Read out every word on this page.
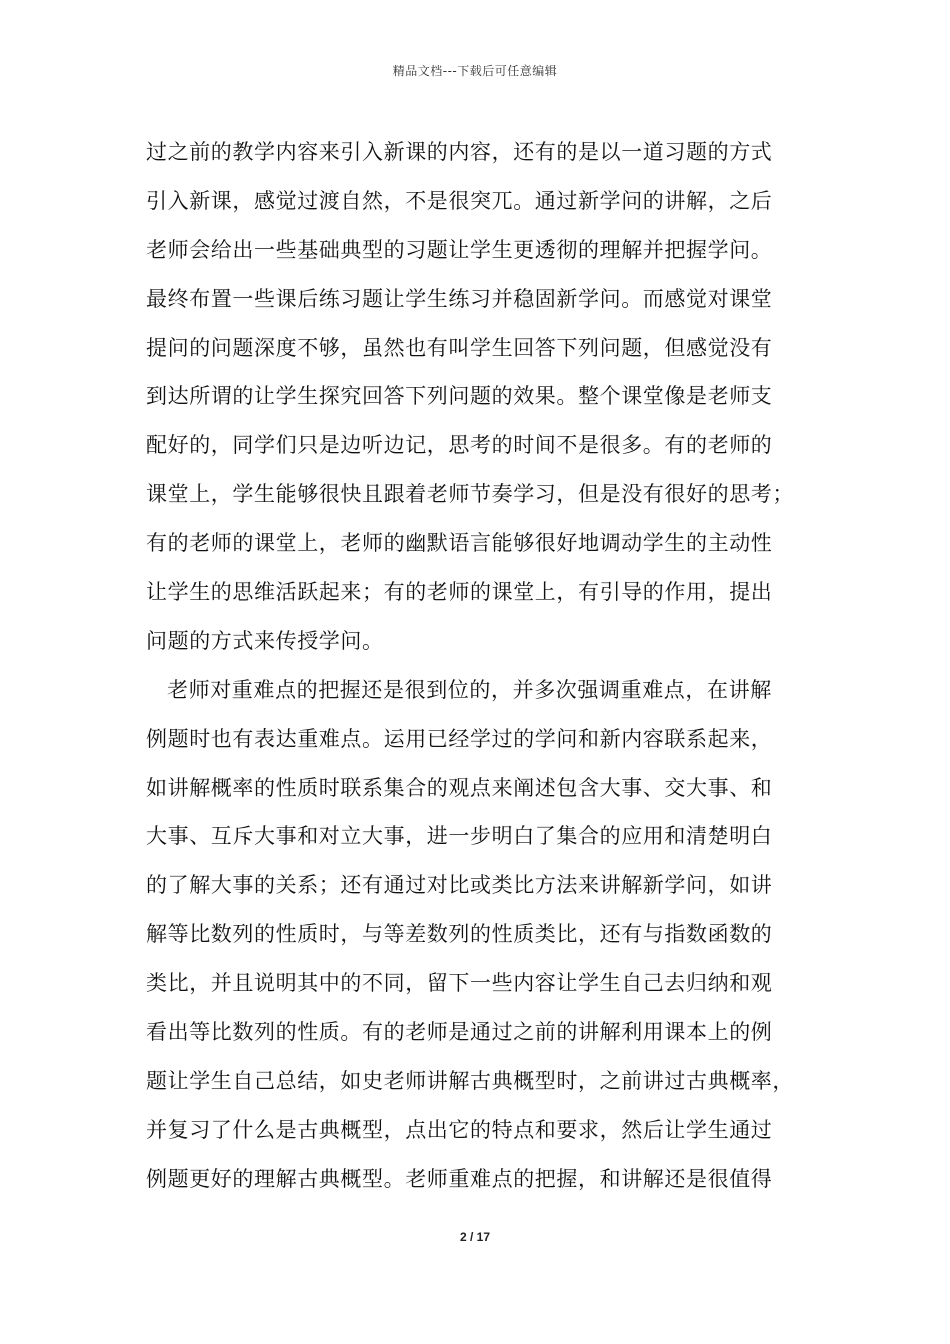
精品文档---下载后可任意编辑
过之前的教学内容来引入新课的内容，还有的是以一道习题的方式
引入新课，感觉过渡自然，不是很突兀。通过新学问的讲解，之后
老师会给出一些基础典型的习题让学生更透彻的理解并把握学问。
最终布置一些课后练习题让学生练习并稳固新学问。而感觉对课堂
提问的问题深度不够，虽然也有叫学生回答下列问题，但感觉没有
到达所谓的让学生探究回答下列问题的效果。整个课堂像是老师支
配好的，同学们只是边听边记，思考的时间不是很多。有的老师的
课堂上，学生能够很快且跟着老师节奏学习，但是没有很好的思考；
有的老师的课堂上，老师的幽默语言能够很好地调动学生的主动性
让学生的思维活跃起来；有的老师的课堂上，有引导的作用，提出
问题的方式来传授学问。
老师对重难点的把握还是很到位的，并多次强调重难点，在讲解
例题时也有表达重难点。运用已经学过的学问和新内容联系起来，
如讲解概率的性质时联系集合的观点来阐述包含大事、交大事、和
大事、互斥大事和对立大事，进一步明白了集合的应用和清楚明白
的了解大事的关系；还有通过对比或类比方法来讲解新学问，如讲
解等比数列的性质时，与等差数列的性质类比，还有与指数函数的
类比，并且说明其中的不同，留下一些内容让学生自己去归纳和观
看出等比数列的性质。有的老师是通过之前的讲解利用课本上的例
题让学生自己总结，如史老师讲解古典概型时，之前讲过古典概率，
并复习了什么是古典概型，点出它的特点和要求，然后让学生通过
例题更好的理解古典概型。老师重难点的把握，和讲解还是很值得
2 / 17
